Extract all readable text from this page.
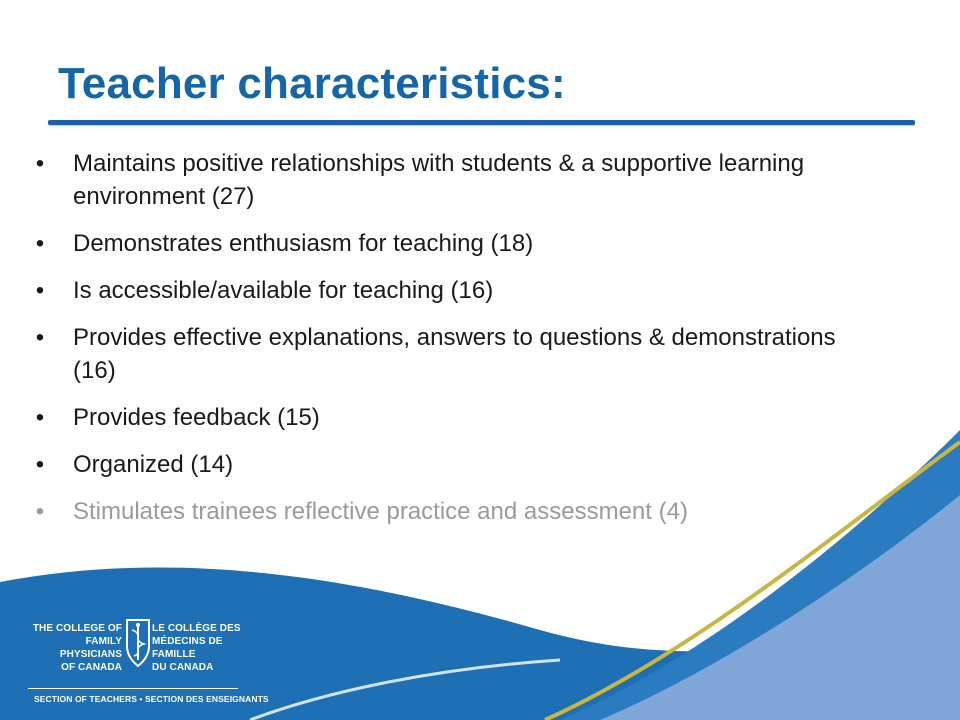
Teacher characteristics:
• Maintains positive relationships with students & a supportive learning environment (27)
• Demonstrates enthusiasm for teaching (18)
• Is accessible/available for teaching (16)
• Provides effective explanations, answers to questions & demonstrations (16)
• Provides feedback (15)
• Organized (14)
• Stimulates trainees reflective practice and assessment (4)
THE COLLEGE OF
FAMILY PHYSICIANS
OF CANADA
LE COLLÈGE DES
MÉDECINS DE FAMILLE
DU CANADA
SECTION OF TEACHERS • SECTION DES ENSEIGNANTS
